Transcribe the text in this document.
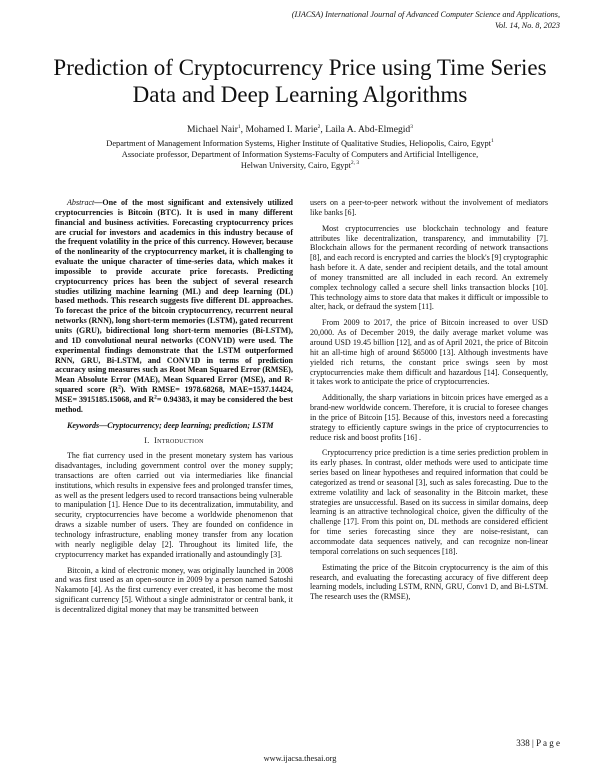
(IJACSA) International Journal of Advanced Computer Science and Applications,
Vol. 14, No. 8, 2023
Prediction of Cryptocurrency Price using Time Series
Data and Deep Learning Algorithms
Michael Nair$^1$, Mohamed I. Marie$^2$, Laila A. Abd-Elmegid$^3$
Department of Management Information Systems, Higher Institute of Qualitative Studies, Heliopolis, Cairo, Egypt$^1$
Associate professor, Department of Information Systems-Faculty of Computers and Artificial Intelligence,
Helwan University, Cairo, Egypt$^{2, 3}$

Abstract—One of the most significant and extensively utilized cryptocurrencies is Bitcoin (BTC). It is used in many different financial and business activities. Forecasting cryptocurrency prices are crucial for investors and academics in this industry because of the frequent volatility in the price of this currency. However, because of the nonlinearity of the cryptocurrency market, it is challenging to evaluate the unique character of time-series data, which makes it impossible to provide accurate price forecasts. Predicting cryptocurrency prices has been the subject of several research studies utilizing machine learning (ML) and deep learning (DL) based methods. This research suggests five different DL approaches. To forecast the price of the bitcoin cryptocurrency, recurrent neural networks (RNN), long short-term memories (LSTM), gated recurrent units (GRU), bidirectional long short-term memories (Bi-LSTM), and 1D convolutional neural networks (CONV1D) were used. The experimental findings demonstrate that the LSTM outperformed RNN, GRU, Bi-LSTM, and CONV1D in terms of prediction accuracy using measures such as Root Mean Squared Error (RMSE), Mean Absolute Error (MAE), Mean Squared Error (MSE), and R-squared score $(R^2)$. With RMSE= 1978.68268, MAE=1537.14424, MSE= 3915185.15068, and $R^2= 0.94383$, it may be considered the best method.

Keywords—Cryptocurrency; deep learning; prediction; LSTM

I. Introduction

The fiat currency used in the present monetary system has various disadvantages, including government control over the money supply; transactions are often carried out via intermediaries like financial institutions, which results in expensive fees and prolonged transfer times, as well as the present ledgers used to record transactions being vulnerable to manipulation [1]. Hence Due to its decentralization, immutability, and security, cryptocurrencies have become a worldwide phenomenon that draws a sizable number of users. They are founded on confidence in technology infrastructure, enabling money transfer from any location with nearly negligible delay [2]. Throughout its limited life, the cryptocurrency market has expanded irrationally and astoundingly [3].

Bitcoin, a kind of electronic money, was originally launched in 2008 and was first used as an open-source in 2009 by a person named Satoshi Nakamoto [4]. As the first currency ever created, it has become the most significant currency [5]. Without a single administrator or central bank, it is decentralized digital money that may be transmitted between

users on a peer-to-peer network without the involvement of mediators like banks [6].

Most cryptocurrencies use blockchain technology and feature attributes like decentralization, transparency, and immutability [7]. Blockchain allows for the permanent recording of network transactions [8], and each record is encrypted and carries the block's [9] cryptographic hash before it. A date, sender and recipient details, and the total amount of money transmitted are all included in each record. An extremely complex technology called a secure shell links transaction blocks [10]. This technology aims to store data that makes it difficult or impossible to alter, hack, or defraud the system [11].

From 2009 to 2017, the price of Bitcoin increased to over USD 20,000. As of December 2019, the daily average market volume was around USD 19.45 billion [12], and as of April 2021, the price of Bitcoin hit an all-time high of around $65000 [13]. Although investments have yielded rich returns, the constant price swings seen by most cryptocurrencies make them difficult and hazardous [14]. Consequently, it takes work to anticipate the price of cryptocurrencies.

Additionally, the sharp variations in bitcoin prices have emerged as a brand-new worldwide concern. Therefore, it is crucial to foresee changes in the price of Bitcoin [15]. Because of this, investors need a forecasting strategy to efficiently capture swings in the price of cryptocurrencies to reduce risk and boost profits [16] .

Cryptocurrency price prediction is a time series prediction problem in its early phases. In contrast, older methods were used to anticipate time series based on linear hypotheses and required information that could be categorized as trend or seasonal [3], such as sales forecasting. Due to the extreme volatility and lack of seasonality in the Bitcoin market, these strategies are unsuccessful. Based on its success in similar domains, deep learning is an attractive technological choice, given the difficulty of the challenge [17]. From this point on, DL methods are considered efficient for time series forecasting since they are noise-resistant, can accommodate data sequences natively, and can recognize non-linear temporal correlations on such sequences [18].

Estimating the price of the Bitcoin cryptocurrency is the aim of this research, and evaluating the forecasting accuracy of five different deep learning models, including LSTM, RNN, GRU, Conv1 D, and Bi-LSTM. The research uses the (RMSE),

338 | P a g e
www.ijacsa.thesai.org
